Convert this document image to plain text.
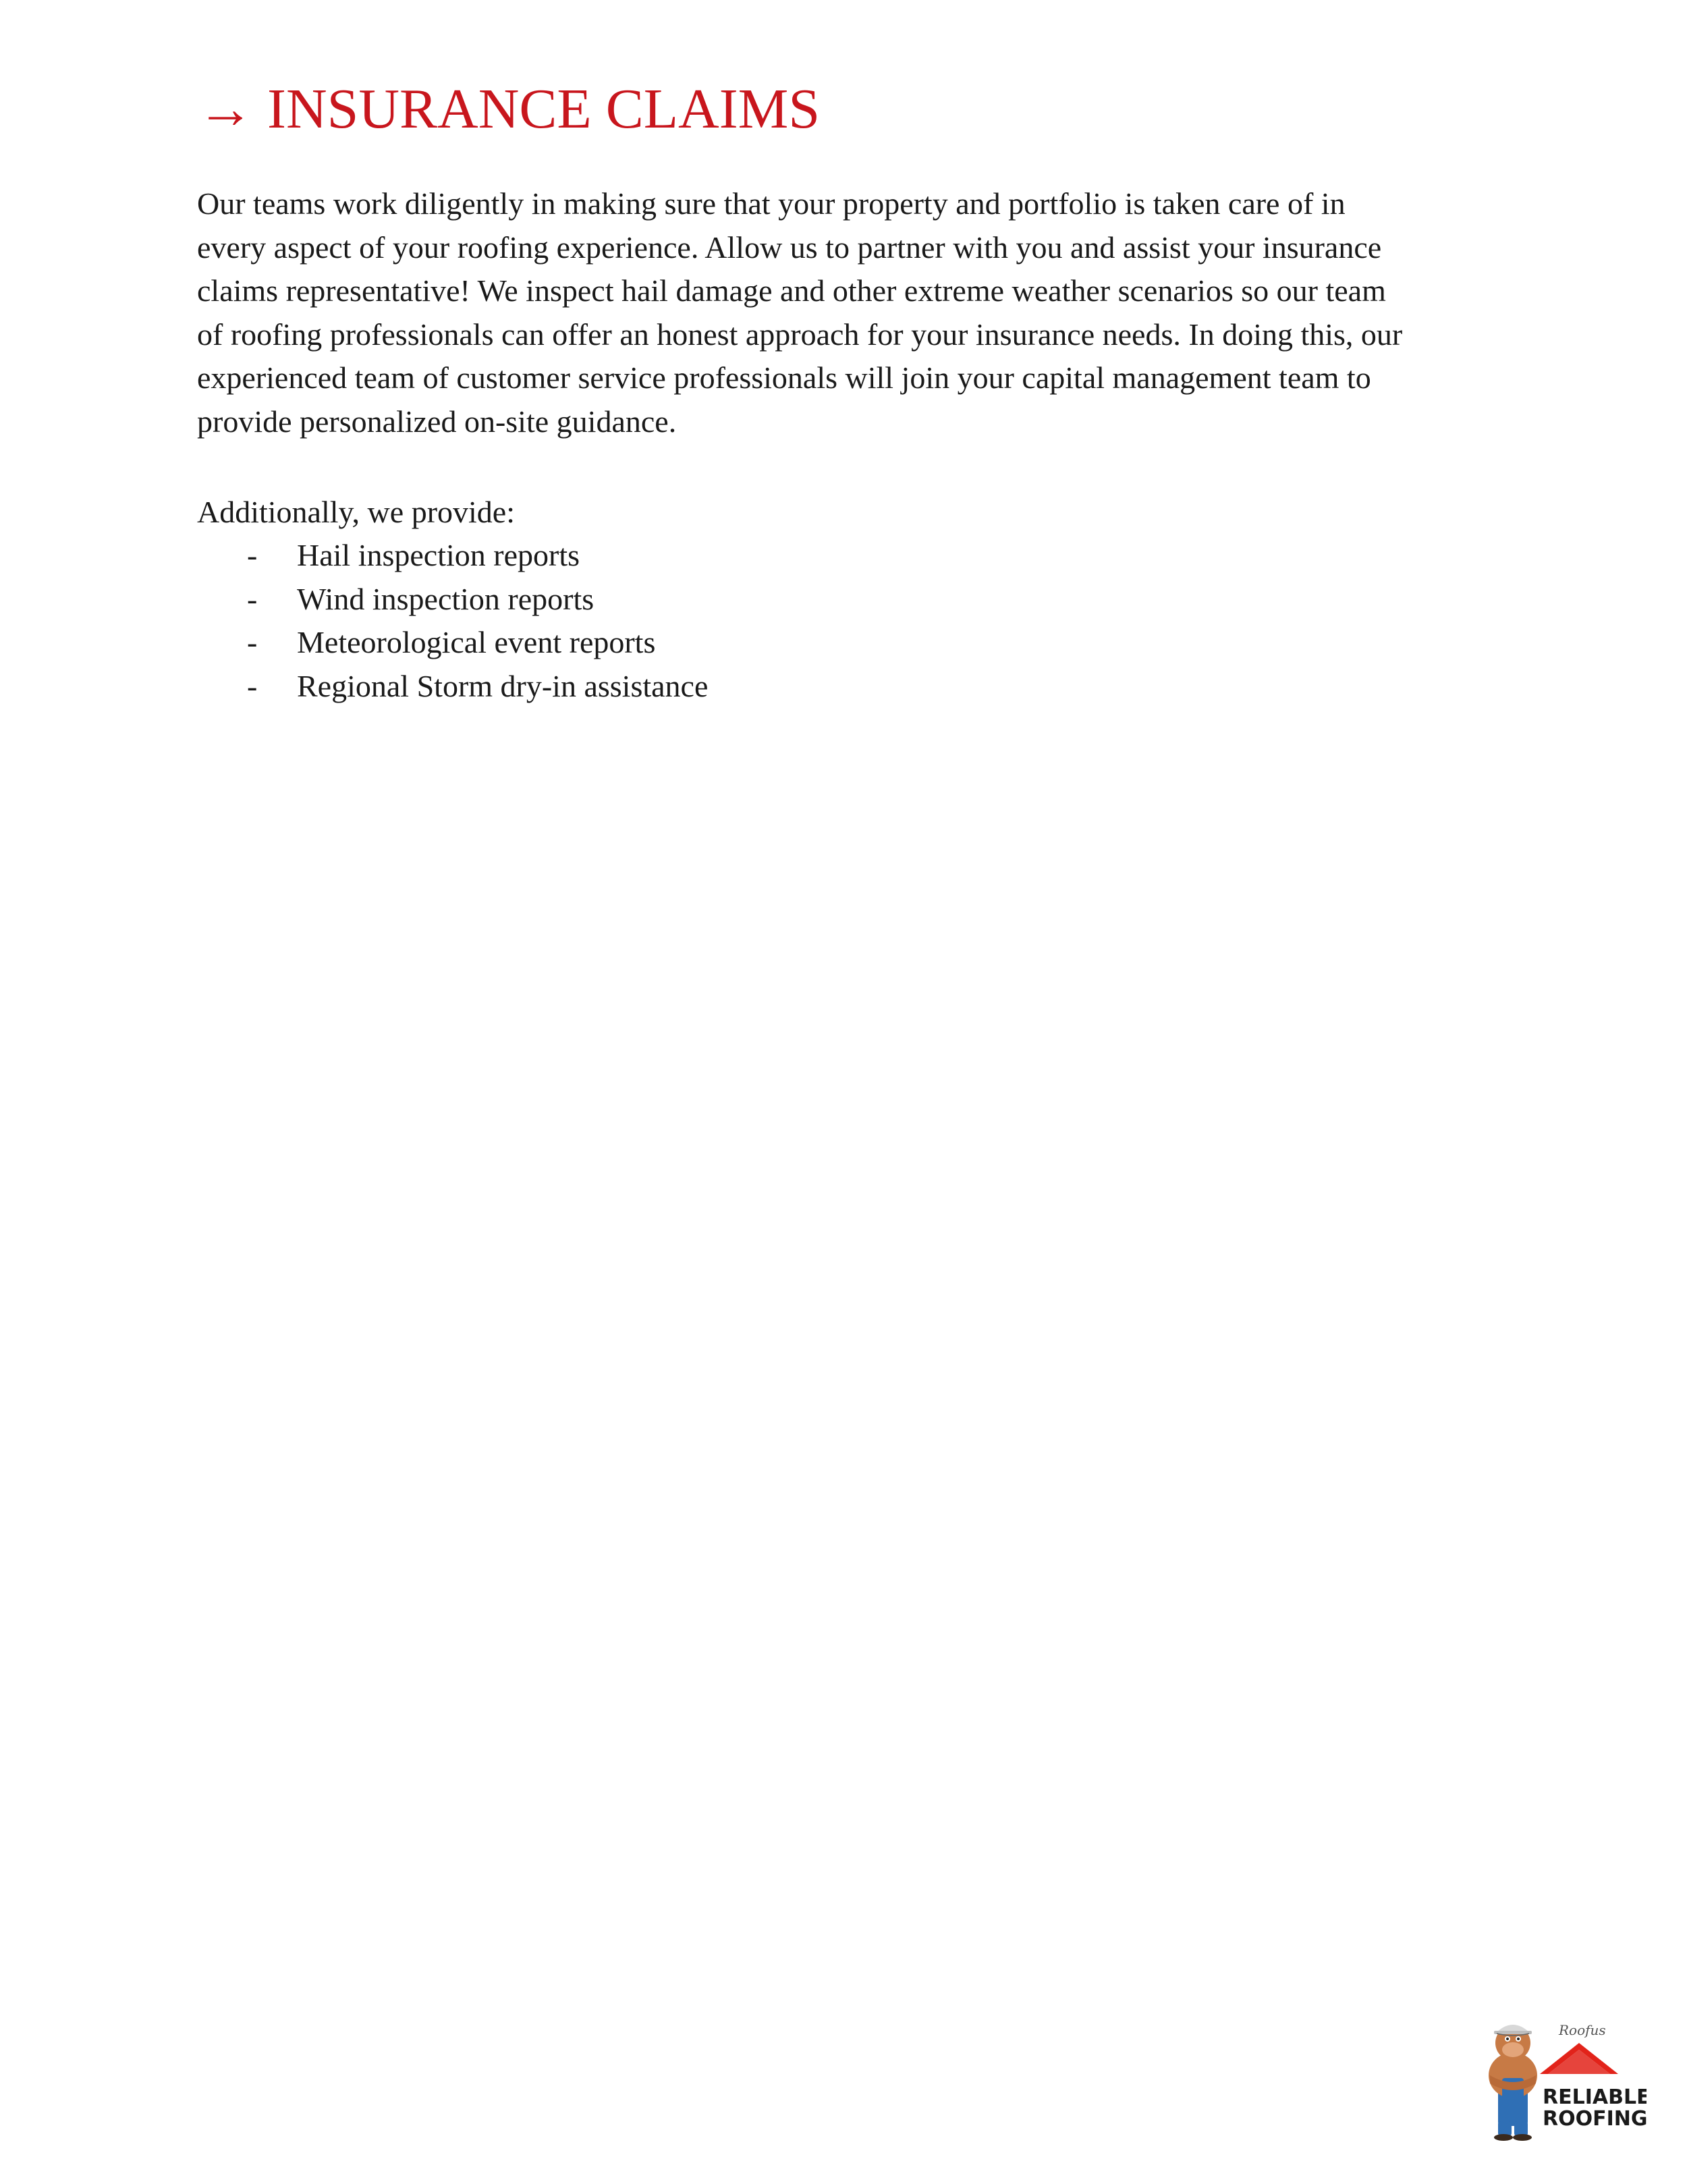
→ INSURANCE CLAIMS
Our teams work diligently in making sure that your property and portfolio is taken care of in
every aspect of your roofing experience. Allow us to partner with you and assist your insurance
claims representative! We inspect hail damage and other extreme weather scenarios so our team
of roofing professionals can offer an honest approach for your insurance needs. In doing this, our
experienced team of customer service professionals will join your capital management team to
provide personalized on-site guidance.
Additionally, we provide:
- Hail inspection reports
- Wind inspection reports
- Meteorological event reports
- Regional Storm dry-in assistance
Roofus
RELIABLE
ROOFING
